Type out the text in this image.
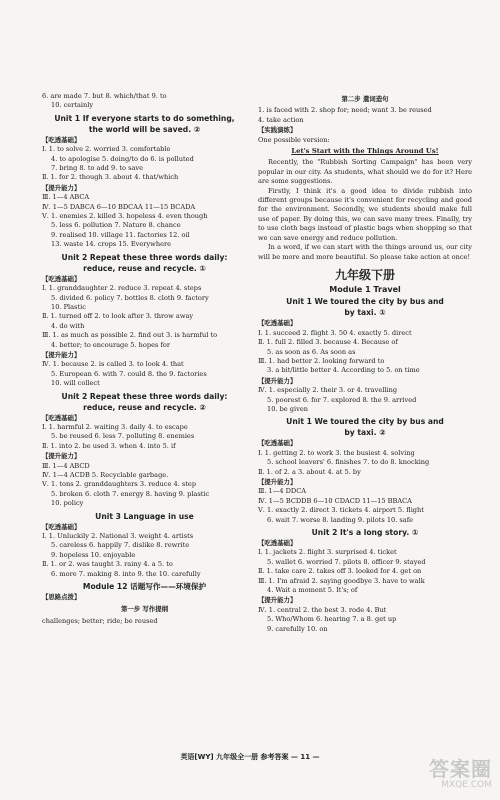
6. are made 7. but 8. which/that 9. to
10. certainly
Unit 1 If everyone starts to do something,
the world will be saved. ②
【吃透基础】
Ⅰ. 1. to solve 2. worried 3. comfortable
4. to apologise 5. doing/to do 6. is polluted
7. bring 8. to add 9. to save
Ⅱ. 1. for 2. though 3. about 4. that/which
【提升能力】
Ⅲ. 1—4 ABCA
Ⅳ. 1—5 DABCA 6—10 BDCAA 11—15 BCADA
Ⅴ. 1. enemies 2. killed 3. hopeless 4. even though
5. less 6. pollution 7. Nature 8. chance
9. realised 10. village 11. factories 12. oil
13. waste 14. crops 15. Everywhere
Unit 2 Repeat these three words daily:
reduce, reuse and recycle. ①
【吃透基础】
Ⅰ. 1. granddaughter 2. reduce 3. repeat 4. steps
5. divided 6. policy 7. bottles 8. cloth 9. factory
10. Plastic
Ⅱ. 1. turned off 2. to look after 3. throw away
4. do with
Ⅲ. 1. as much as possible 2. find out 3. is harmful to
4. better; to encourage 5. hopes for
【提升能力】
Ⅳ. 1. because 2. is called 3. to look 4. that
5. European 6. with 7. could 8. the 9. factories
10. will collect
Unit 2 Repeat these three words daily:
reduce, reuse and recycle. ②
【吃透基础】
Ⅰ. 1. harmful 2. waiting 3. daily 4. to escape
5. be reused 6. less 7. polluting 8. enemies
Ⅱ. 1. into 2. be used 3. when 4. into 5. if
【提升能力】
Ⅲ. 1—4 ABCD
Ⅳ. 1—4 ACDB 5. Recyclable garbage.
Ⅴ. 1. tons 2. granddaughters 3. reduce 4. step
5. broken 6. cloth 7. energy 8. having 9. plastic
10. policy
Unit 3 Language in use
【吃透基础】
Ⅰ. 1. Unluckily 2. National 3. weight 4. artists
5. careless 6. happily 7. dislike 8. rewrite
9. hopeless 10. enjoyable
Ⅱ. 1. or 2. was taught 3. rainy 4. a 5. to
6. more 7. making 8. into 9. the 10. carefully
Module 12 话题写作——环境保护
【思路点拨】
第一步 写作提纲
challenges; better; ride; be reused
第二步 遣词造句
1. is faced with 2. shop for; need; want 3. be reused
4. take action
【实践演练】
One possible version:
Let's Start with the Things Around Us!
Recently, the "Rubbish Sorting Campaign" has been very popular in our city. As students, what should we do for it? Here are some suggestions.
Firstly, I think it's a good idea to divide rubbish into different groups because it's convenient for recycling and good for the environment. Secondly, we students should make full use of paper. By doing this, we can save many trees. Finally, try to use cloth bags instead of plastic bags when shopping so that we can save energy and reduce pollution.
In a word, if we can start with the things around us, our city will be more and more beautiful. So please take action at once!
九年级下册
Module 1 Travel
Unit 1 We toured the city by bus and
by taxi. ①
【吃透基础】
Ⅰ. 1. succeed 2. flight 3. 50 4. exactly 5. direct
Ⅱ. 1. full 2. filled 3. because 4. Because of
5. as soon as 6. As soon as
Ⅲ. 1. had better 2. looking forward to
3. a bit/little better 4. According to 5. on time
【提升能力】
Ⅳ. 1. especially 2. their 3. or 4. travelling
5. poorest 6. for 7. explored 8. the 9. arrived
10. be given
Unit 1 We toured the city by bus and
by taxi. ②
【吃透基础】
Ⅰ. 1. getting 2. to work 3. the busiest 4. solving
5. school leavers' 6. finishes 7. to do 8. knocking
Ⅱ. 1. of 2. a 3. about 4. at 5. by
【提升能力】
Ⅲ. 1—4 DDCA
Ⅳ. 1—5 BCDDB 6—10 CDACD 11—15 BBACA
Ⅴ. 1. exactly 2. direct 3. tickets 4. airport 5. flight
6. wait 7. worse 8. landing 9. pilots 10. safe
Unit 2 It's a long story. ①
【吃透基础】
Ⅰ. 1. jackets 2. flight 3. surprised 4. ticket
5. wallet 6. worried 7. pilots 8. officer 9. stayed
Ⅱ. 1. take care 2. takes off 3. looked for 4. get on
Ⅲ. 1. I'm afraid 2. saying goodbye 3. have to walk
4. Wait a moment 5. It's; of
【提升能力】
Ⅳ. 1. central 2. the best 3. rode 4. But
5. Who/Whom 6. hearing 7. a 8. get up
9. carefully 10. on
英语[WY] 九年级全一册 参考答案 — 11 —	答案圈
MXQE.COM
